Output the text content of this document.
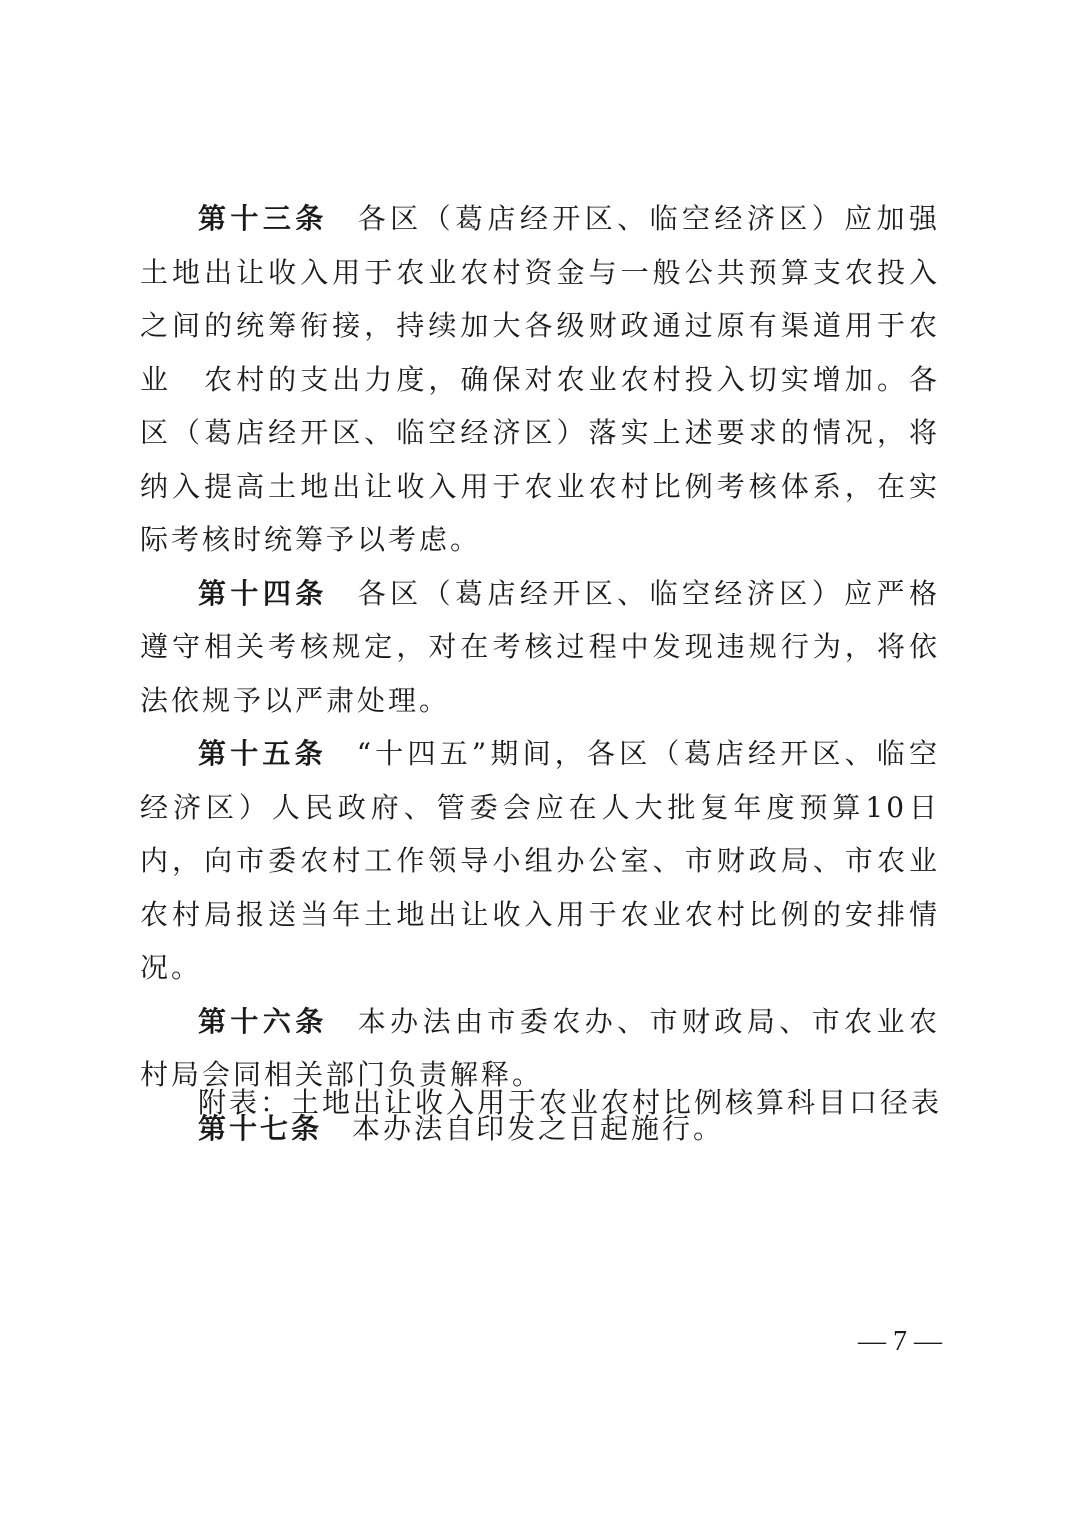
第十三条 各区（葛店经开区、临空经济区）应加强土地出让收入用于农业农村资金与一般公共预算支农投入之间的统筹衔接，持续加大各级财政通过原有渠道用于农业　农村的支出力度，确保对农业农村投入切实增加。各区（葛店经开区、临空经济区）落实上述要求的情况，将纳入提高土地出让收入用于农业农村比例考核体系，在实际考核时统筹予以考虑。

第十四条 各区（葛店经开区、临空经济区）应严格遵守相关考核规定，对在考核过程中发现违规行为，将依法依规予以严肃处理。

第十五条 “十四五”期间，各区（葛店经开区、临空经济区）人民政府、管委会应在人大批复年度预算10日内，向市委农村工作领导小组办公室、市财政局、市农业农村局报送当年土地出让收入用于农业农村比例的安排情况。

第十六条 本办法由市委农办、市财政局、市农业农村局会同相关部门负责解释。

第十七条 本办法自印发之日起施行。

附表：土地出让收入用于农业农村比例核算科目口径表
— 7 —
